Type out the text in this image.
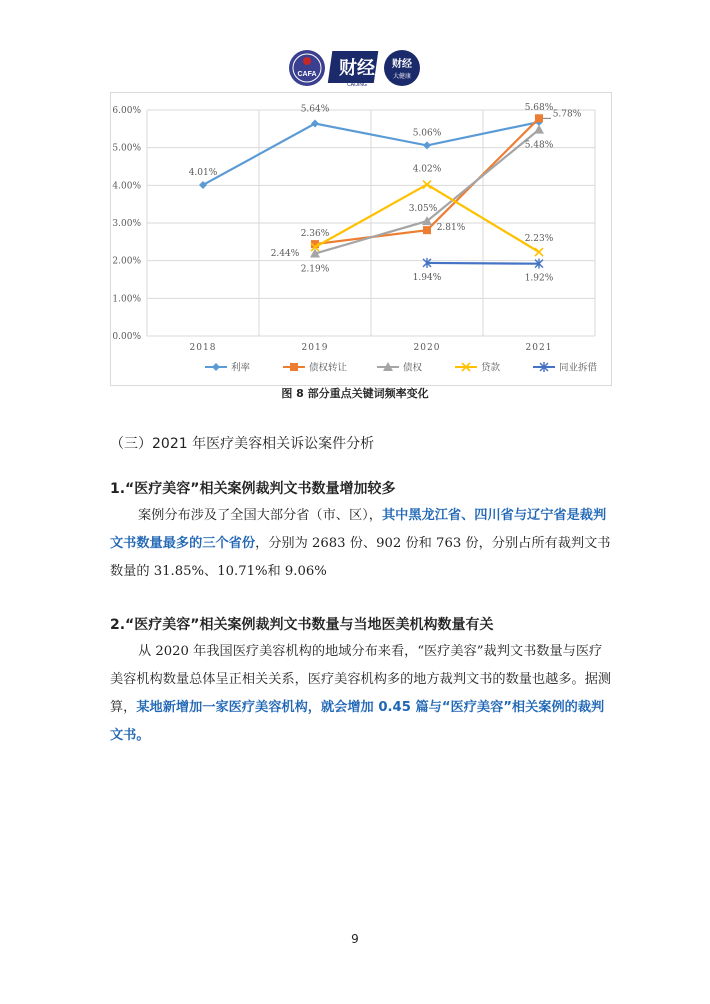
CAFA 财经
CAIJING
财经
大健康
0.00%
1.00%
2.00%
3.00%
4.00%
5.00%
6.00%
2018	2019	2020	2021
4.01%
5.64%
5.06%
5.68%
2.44%
2.81%
5.78%
2.19%
3.05%
5.48%
2.36%
4.02%
2.23%
1.94%	1.92%
利率	债权转让	债权	贷款	同业拆借
图 8 部分重点关键词频率变化
（三）2021 年医疗美容相关诉讼案件分析
1.“医疗美容”相关案例裁判文书数量增加较多
案例分布涉及了全国大部分省（市、区），其中黑龙江省、四川省与辽宁省是裁判文书数量最多的三个省份，分别为 2683 份、902 份和 763 份，分别占所有裁判文书数量的 31.85%、10.71%和 9.06%
2.“医疗美容”相关案例裁判文书数量与当地医美机构数量有关
从 2020 年我国医疗美容机构的地域分布来看，“医疗美容”裁判文书数量与医疗美容机构数量总体呈正相关关系，医疗美容机构多的地方裁判文书的数量也越多。据测算，某地新增加一家医疗美容机构，就会增加 0.45 篇与“医疗美容”相关案例的裁判文书。
9
